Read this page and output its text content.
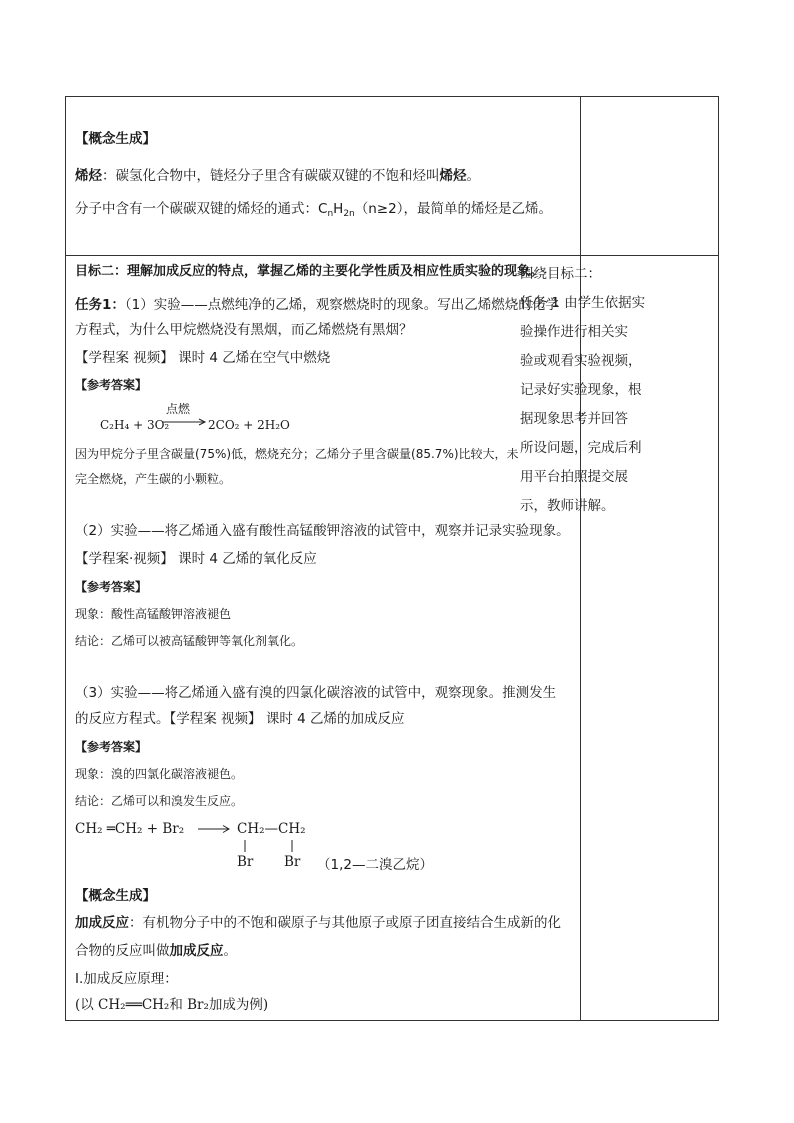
【概念生成】
烯烃：碳氢化合物中，链烃分子里含有碳碳双键的不饱和烃叫烯烃。
分子中含有一个碳碳双键的烯烃的通式：$C_nH_{2n}(n\ge 2)$，最简单的烯烃是乙烯。
目标二：理解加成反应的特点，掌握乙烯的主要化学性质及相应性质实验的现象。
任务1：（1）实验——点燃纯净的乙烯，观察燃烧时的现象。写出乙烯燃烧的化学
方程式，为什么甲烷燃烧没有黑烟，而乙烯燃烧有黑烟？
【学程案 视频】 课时 4 乙烯在空气中燃烧
【参考答案】
C₂H₄ + 3O₂
点燃
→ 2CO₂ + 2H₂O
因为甲烷分子里含碳量(75%)低，燃烧充分；乙烯分子里含碳量(85.7%)比较大，未
完全燃烧，产生碳的小颗粒。
（2）实验——将乙烯通入盛有酸性高锰酸钾溶液的试管中，观察并记录实验现象。
【学程案·视频】 课时 4 乙烯的氧化反应
【参考答案】
现象：酸性高锰酸钾溶液褪色
结论：乙烯可以被高锰酸钾等氧化剂氧化。
（3）实验——将乙烯通入盛有溴的四氯化碳溶液的试管中，观察现象。推测发生
的反应方程式。【学程案 视频】 课时 4 乙烯的加成反应
【参考答案】
现象：溴的四氯化碳溶液褪色。
结论：乙烯可以和溴发生反应。
CH₂ ═CH₂ + Br₂ → CH₂—CH₂
Br Br （1,2—二溴乙烷）
【概念生成】
加成反应：有机物分子中的不饱和碳原子与其他原子或原子团直接结合生成新的化
合物的反应叫做加成反应。
Ⅰ.加成反应原理：
(以 CH₂══CH₂和 Br₂加成为例)
围绕目标二：
任务 1 由学生依据实
验操作进行相关实
验或观看实验视频，
记录好实验现象，根
据现象思考并回答
所设问题，完成后利
用平台拍照提交展
示，教师讲解。
